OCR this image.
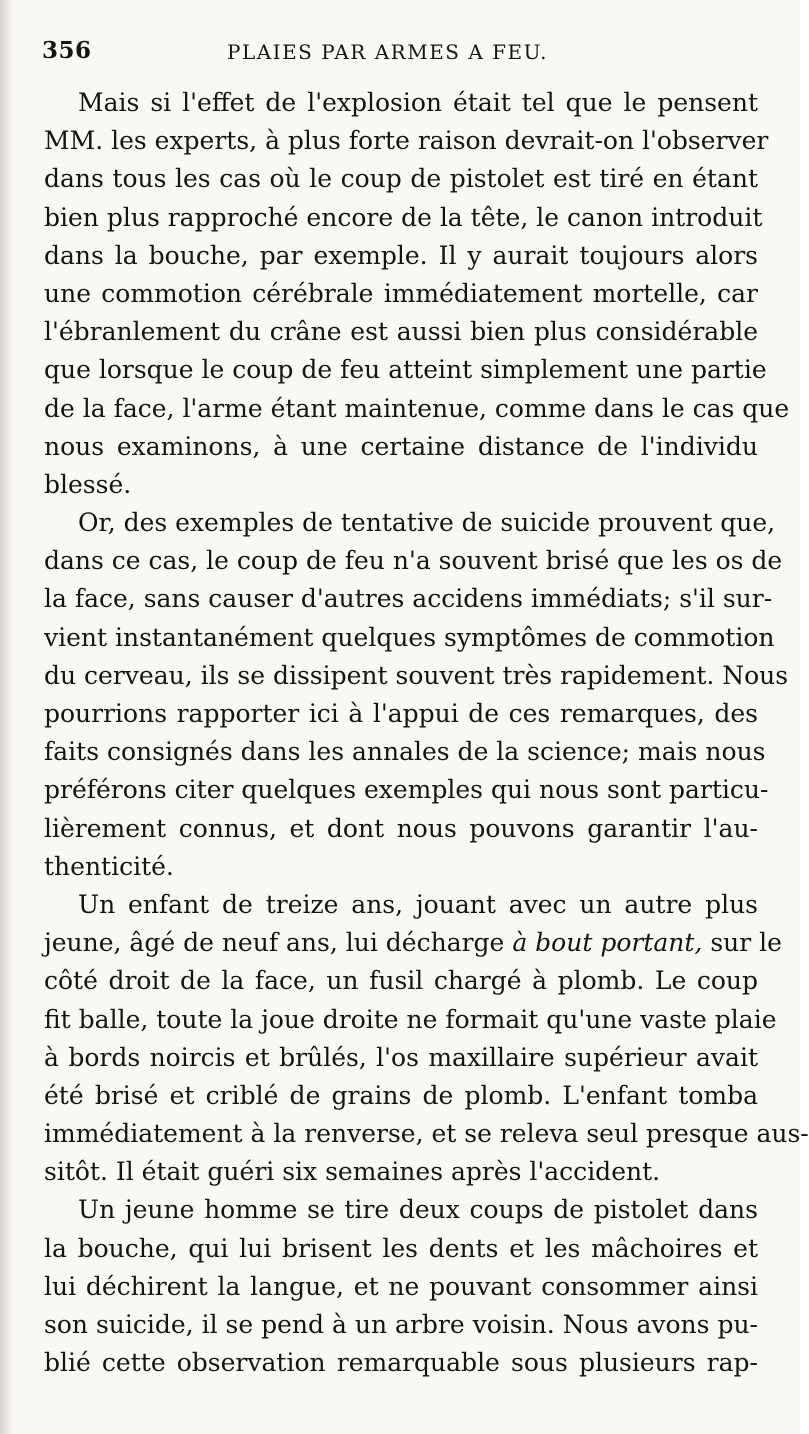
356	PLAIES PAR ARMES A FEU.
Mais si l'effet de l'explosion était tel que le pensent
MM. les experts, à plus forte raison devrait-on l'observer
dans tous les cas où le coup de pistolet est tiré en étant
bien plus rapproché encore de la tête, le canon introduit
dans la bouche, par exemple. Il y aurait toujours alors
une commotion cérébrale immédiatement mortelle, car
l'ébranlement du crâne est aussi bien plus considérable
que lorsque le coup de feu atteint simplement une partie
de la face, l'arme étant maintenue, comme dans le cas que
nous examinons, à une certaine distance de l'individu
blessé.
Or, des exemples de tentative de suicide prouvent que,
dans ce cas, le coup de feu n'a souvent brisé que les os de
la face, sans causer d'autres accidens immédiats; s'il sur-
vient instantanément quelques symptômes de commotion
du cerveau, ils se dissipent souvent très rapidement. Nous
pourrions rapporter ici à l'appui de ces remarques, des
faits consignés dans les annales de la science; mais nous
préférons citer quelques exemples qui nous sont particu-
lièrement connus, et dont nous pouvons garantir l'au-
thenticité.
Un enfant de treize ans, jouant avec un autre plus
jeune, âgé de neuf ans, lui décharge à bout portant, sur le
côté droit de la face, un fusil chargé à plomb. Le coup
fit balle, toute la joue droite ne formait qu'une vaste plaie
à bords noircis et brûlés, l'os maxillaire supérieur avait
été brisé et criblé de grains de plomb. L'enfant tomba
immédiatement à la renverse, et se releva seul presque aus-
sitôt. Il était guéri six semaines après l'accident.
Un jeune homme se tire deux coups de pistolet dans
la bouche, qui lui brisent les dents et les mâchoires et
lui déchirent la langue, et ne pouvant consommer ainsi
son suicide, il se pend à un arbre voisin. Nous avons pu-
blié cette observation remarquable sous plusieurs rap-
